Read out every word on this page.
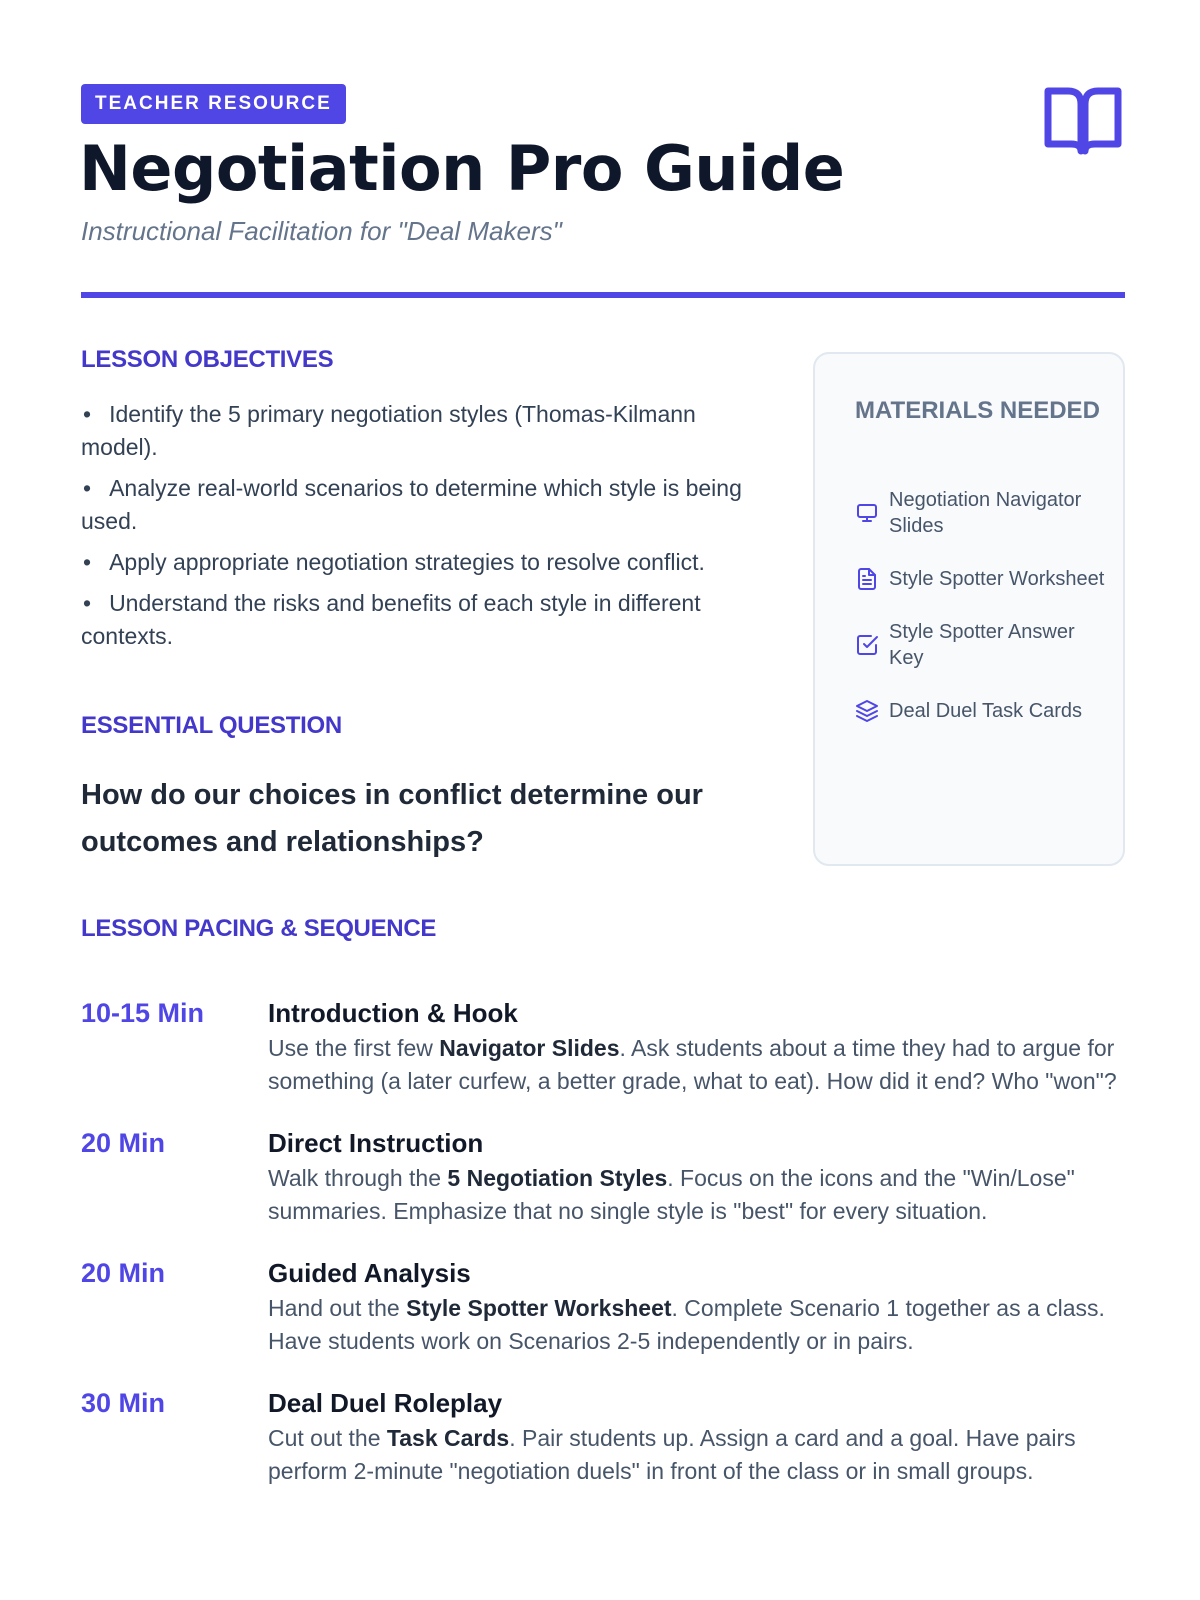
TEACHER RESOURCE
Negotiation Pro Guide
Instructional Facilitation for "Deal Makers"
LESSON OBJECTIVES
• Identify the 5 primary negotiation styles (Thomas-Kilmann model).
• Analyze real-world scenarios to determine which style is being used.
• Apply appropriate negotiation strategies to resolve conflict.
• Understand the risks and benefits of each style in different contexts.
ESSENTIAL QUESTION
How do our choices in conflict determine our outcomes and relationships?
MATERIALS NEEDED
Negotiation Navigator Slides
Style Spotter Worksheet
Style Spotter Answer Key
Deal Duel Task Cards
LESSON PACING & SEQUENCE
10-15 Min	Introduction & Hook

Use the first few Navigator Slides. Ask students about a time they had to argue for something (a later curfew, a better grade, what to eat). How did it end? Who "won"?

20 Min	Direct Instruction

Walk through the 5 Negotiation Styles. Focus on the icons and the "Win/Lose" summaries. Emphasize that no single style is "best" for every situation.

20 Min	Guided Analysis

Hand out the Style Spotter Worksheet. Complete Scenario 1 together as a class. Have students work on Scenarios 2-5 independently or in pairs.

30 Min	Deal Duel Roleplay

Cut out the Task Cards. Pair students up. Assign a card and a goal. Have pairs perform 2-minute "negotiation duels" in front of the class or in small groups.
